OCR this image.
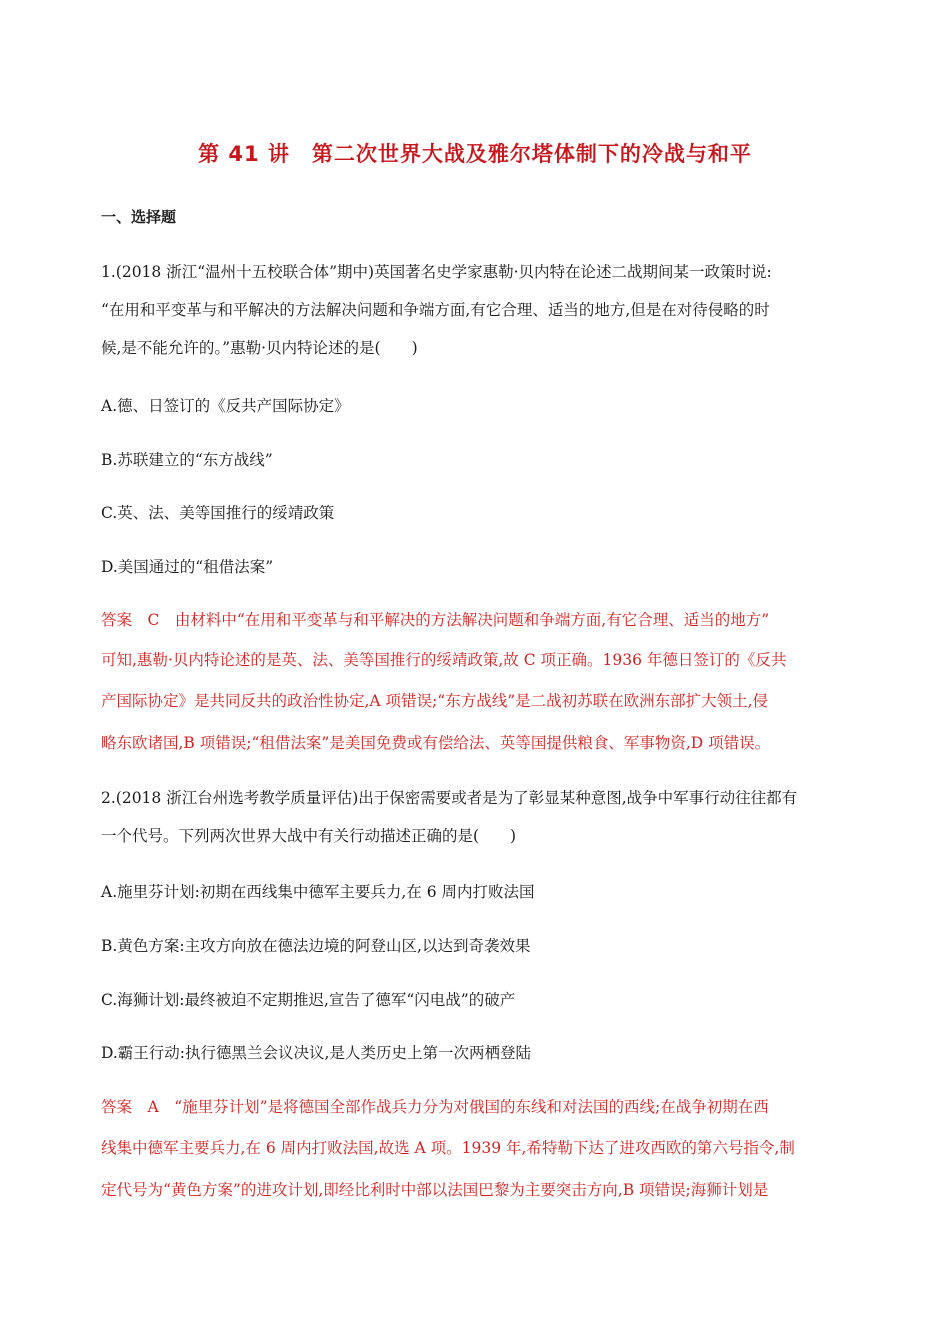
第 41 讲　第二次世界大战及雅尔塔体制下的冷战与和平
一、选择题
1.(2018 浙江“温州十五校联合体”期中)英国著名史学家惠勒·贝内特在论述二战期间某一政策时说:
“在用和平变革与和平解决的方法解决问题和争端方面,有它合理、适当的地方,但是在对待侵略的时
候,是不能允许的。”惠勒·贝内特论述的是(　　)
A.德、日签订的《反共产国际协定》
B.苏联建立的“东方战线”
C.英、法、美等国推行的绥靖政策
D.美国通过的“租借法案”
答案　C　由材料中“在用和平变革与和平解决的方法解决问题和争端方面,有它合理、适当的地方”
可知,惠勒·贝内特论述的是英、法、美等国推行的绥靖政策,故 C 项正确。1936 年德日签订的《反共
产国际协定》是共同反共的政治性协定,A 项错误;“东方战线”是二战初苏联在欧洲东部扩大领土,侵
略东欧诸国,B 项错误;“租借法案”是美国免费或有偿给法、英等国提供粮食、军事物资,D 项错误。
2.(2018 浙江台州选考教学质量评估)出于保密需要或者是为了彰显某种意图,战争中军事行动往往都有
一个代号。下列两次世界大战中有关行动描述正确的是(　　)
A.施里芬计划:初期在西线集中德军主要兵力,在 6 周内打败法国
B.黄色方案:主攻方向放在德法边境的阿登山区,以达到奇袭效果
C.海狮计划:最终被迫不定期推迟,宣告了德军“闪电战”的破产
D.霸王行动:执行德黑兰会议决议,是人类历史上第一次两栖登陆
答案　A　“施里芬计划”是将德国全部作战兵力分为对俄国的东线和对法国的西线;在战争初期在西
线集中德军主要兵力,在 6 周内打败法国,故选 A 项。1939 年,希特勒下达了进攻西欧的第六号指令,制
定代号为“黄色方案”的进攻计划,即经比利时中部以法国巴黎为主要突击方向,B 项错误;海狮计划是
